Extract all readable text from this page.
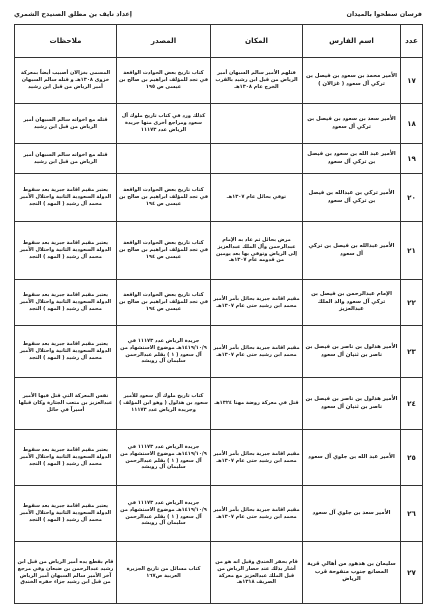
فرسان سطحوا بالميدان
إعداد نايف بن مطلق الصنيدح الشمري
عدد	اسم الفارس	المكان	المصدر	ملاحظات
١٧	الأمير محمد بن سعود بن فيصل بن تركي آل سعود ( غزالان )	فتلهم الأمير سالم السبهان أمير الرياض من قبل ابن رشيد بالقرب الخرج عام ١٣٠٨هـ	كتاب تاريخ بعض الحوادث الواقعة في نجد للمؤلف ابراهيم بن صالح بن عيسى ص ١٩٥	المسمى بغزالان أصبيب أيضاً بمعركة خزوى ١٣٠٨هـ و قتله سالم السبهان أمير الرياض من قبل ابن رشيد
١٨	الأمير سعد بن سعود بن فيصل بن تركي آل سعود		كذلك ورد في كتاب تاريخ ملوك آل سعود ومراجع أخرى منها جريدة الرياض عدد ١١١٧٣	قتله مع اخوانه سالم السبهان أمير الرياض من قبل ابن رشيد
١٩	الأمير عبد الله بن سعود بن فيصل بن تركي آل سعود			قتله مع اخوانه سالم السبهان أمير الرياض من قبل ابن رشيد
٢٠	الأمير تركي بن عبدالله بن فيصل بن تركي آل سعود	توفي بحائل عام ١٣٠٧هـ	كتاب تاريخ بعض الحوادث الواقعة في نجد للمؤلف ابراهيم بن صالح بن عيسى ص ١٩٤	يعتبر مقيم اقامة جبرية بعد سقوط الدولة السعودية الثانية واحتلال الأمير محمد آل رشيد ( المهد ) النجد
٢١	الأمير عبدالله بن فيصل بن تركي آل سعود	مرض بحائل ثم عاد به الإمام عبدالرحمن وآل الملك عبدالعزيز إلى الرياض وتوفي بها بعد يومين من قدومه عام ١٣٠٧هـ	كتاب تاريخ بعض الحوادث الواقعة في نجد للمؤلف ابراهيم بن صالح بن عيسى ص ١٩٤	يعتبر مقيم اقامة جبرية بعد سقوط الدولة السعودية الثانية واحتلال الأمير محمد آل رشيد ( المهد ) النجد
٢٢	الإمام عبدالرحمن بن فيصل بن تركي آل سعود والد الملك عبدالعزيز	مقيم اقامة جبرية بحائل بأمر الأمير محمد ابن رشيد حتى عام ١٣٠٧هـ	كتاب تاريخ بعض الحوادث الواقعة في نجد للمؤلف ابراهيم بن صالح بن عيسى ص ١٩٤	يعتبر مقيم اقامة جبرية بعد سقوط الدولة السعودية الثانية واحتلال الأمير محمد آل رشيد ( المهد ) النجد
٢٣	الأمير هذلول بن ناصر بن فيصل بن ناصر بن ثنيان آل سعود	مقيم اقامة جبرية بحائل بأمر الأمير محمد ابن رشيد حتى عام ١٣٠٧هـ	جريدة الرياض عدد ١١١٧٣ في ١٤١٩/١٠/٩هـ موضوع الاستشهاد من آل سعود ( ١ ) بقلم عبدالرحمن سليمان آل رويشد	يعتبر مقيم اقامة جبرية بعد سقوط الدولة السعودية الثانية واحتلال الأمير محمد آل رشيد ( المهد ) النجد
٢٤	الأمير هذلول بن ناصر بن فيصل بن ناصر بن ثنيان آل سعود	قتل في معركة روضة مهنا ١٣٢٤هـ	كتاب تاريخ ملوك آل سعود للأمير سعود بن هذلول ( وهو ابن المؤلف ) وجريدة الرياض عدد ١١١٧٣	نفس المعركة التي قتل فيها الأمير عبدالعزيز بن متعب الجثارة وكان قبلها أسيراً في حائل
٢٥	الأمير عبد الله بن جلوي آل سعود	مقيم اقامة جبرية بحائل بأمر الأمير محمد ابن رشيد حتى عام ١٣٠٧هـ	جريدة الرياض عدد ١١١٧٣ في ١٤١٩/١٠/٩هـ موضوع الاستشهاد من آل سعود ( ١ ) بقلم عبدالرحمن سليمان آل رويشد	يعتبر مقيم اقامة جبرية بعد سقوط الدولة السعودية الثانية واحتلال الأمير محمد آل رشيد ( المهد ) النجد
٢٦	الأمير سعد بن جلوي آل سعود	مقيم اقامة جبرية بحائل بأمر الأمير محمد ابن رشيد حتى عام ١٣٠٧هـ	جريدة الرياض عدد ١١١٧٣ في ١٤١٩/١٠/٩هـ موضوع الاستشهاد من آل سعود ( ١ ) بقلم عبدالرحمن سليمان آل رويشد	يعتبر مقيم اقامة جبرية بعد سقوط الدولة السعودية الثانية واحتلال الأمير محمد آل رشيد ( المهد ) النجد
٢٧	سليمان بن هدهود من أهالي قرية المصانع جنوب منفوحة قرب الرياض	قام بحفر الخندق وقيل انه هو من أشار بذلك عند حصار الرياض من قبل الملك عبدالعزيز مع معركة الصريف ١٣١٨هـ	كتاب مسائل من تاريخ الجزيرة العربية ص١٦٧	قام بقطع يده أمير الرياض من قبل ابن رشيد عبدالرحمن بن ضبعان وفي مرجع آخر الأمير سالم السبهان أمير الرياض من قبل ابن رشيد جزاء حفره الخندق
